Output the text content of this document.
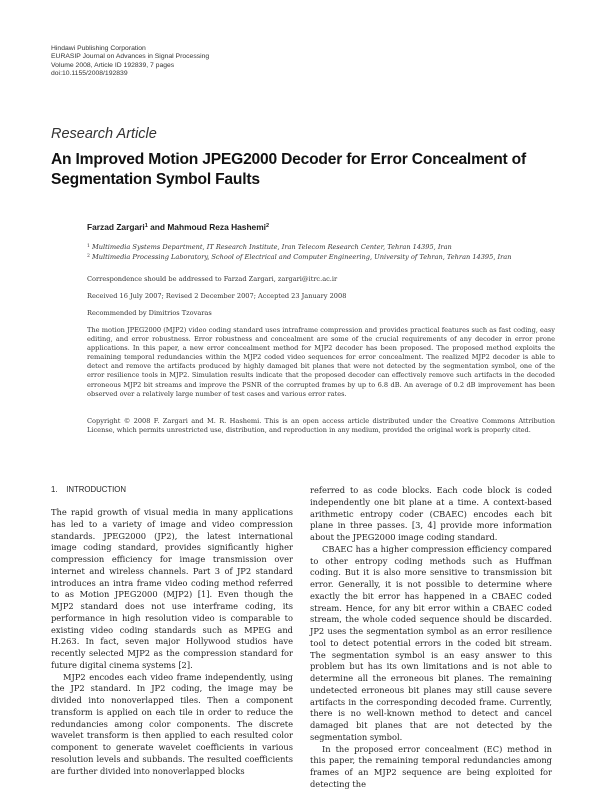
Hindawi Publishing Corporation
EURASIP Journal on Advances in Signal Processing
Volume 2008, Article ID 192839, 7 pages
doi:10.1155/2008/192839
Research Article
An Improved Motion JPEG2000 Decoder for Error Concealment of Segmentation Symbol Faults
Farzad Zargari$^1$ and Mahmoud Reza Hashemi$^2$
$^1$ Multimedia Systems Department, IT Research Institute, Iran Telecom Research Center, Tehran 14395, Iran
$^2$ Multimedia Processing Laboratory, School of Electrical and Computer Engineering, University of Tehran, Tehran 14395, Iran
Correspondence should be addressed to Farzad Zargari, zargari@itrc.ac.ir
Received 16 July 2007; Revised 2 December 2007; Accepted 23 January 2008
Recommended by Dimitrios Tzovaras
The motion JPEG2000 (MJP2) video coding standard uses intraframe compression and provides practical features such as fast coding, easy editing, and error robustness. Error robustness and concealment are some of the crucial requirements of any decoder in error prone applications. In this paper, a new error concealment method for MJP2 decoder has been proposed. The proposed method exploits the remaining temporal redundancies within the MJP2 coded video sequences for error concealment. The realized MJP2 decoder is able to detect and remove the artifacts produced by highly damaged bit planes that were not detected by the segmentation symbol, one of the error resilience tools in MJP2. Simulation results indicate that the proposed decoder can effectively remove such artifacts in the decoded erroneous MJP2 bit streams and improve the PSNR of the corrupted frames by up to 6.8 dB. An average of 0.2 dB improvement has been observed over a relatively large number of test cases and various error rates.
Copyright © 2008 F. Zargari and M. R. Hashemi. This is an open access article distributed under the Creative Commons Attribution License, which permits unrestricted use, distribution, and reproduction in any medium, provided the original work is properly cited.
1. INTRODUCTION

The rapid growth of visual media in many applications has led to a variety of image and video compression standards. JPEG2000 (JP2), the latest international image coding standard, provides significantly higher compression efficiency for image transmission over internet and wireless channels. Part 3 of JP2 standard introduces an intra frame video coding method referred to as Motion JPEG2000 (MJP2) [1]. Even though the MJP2 standard does not use interframe coding, its performance in high resolution video is comparable to existing video coding standards such as MPEG and H.263. In fact, seven major Hollywood studios have recently selected MJP2 as the compression standard for future digital cinema systems [2].

MJP2 encodes each video frame independently, using the JP2 standard. In JP2 coding, the image may be divided into nonoverlapped tiles. Then a component transform is applied on each tile in order to reduce the redundancies among color components. The discrete wavelet transform is then applied to each resulted color component to generate wavelet coefficients in various resolution levels and subbands. The resulted coefficients are further divided into nonoverlapped blocks

referred to as code blocks. Each code block is coded independently one bit plane at a time. A context-based arithmetic entropy coder (CBAEC) encodes each bit plane in three passes. [3, 4] provide more information about the JPEG2000 image coding standard.

CBAEC has a higher compression efficiency compared to other entropy coding methods such as Huffman coding. But it is also more sensitive to transmission bit error. Generally, it is not possible to determine where exactly the bit error has happened in a CBAEC coded stream. Hence, for any bit error within a CBAEC coded stream, the whole coded sequence should be discarded. JP2 uses the segmentation symbol as an error resilience tool to detect potential errors in the coded bit stream. The segmentation symbol is an easy answer to this problem but has its own limitations and is not able to determine all the erroneous bit planes. The remaining undetected erroneous bit planes may still cause severe artifacts in the corresponding decoded frame. Currently, there is no well-known method to detect and cancel damaged bit planes that are not detected by the segmentation symbol.

In the proposed error concealment (EC) method in this paper, the remaining temporal redundancies among frames of an MJP2 sequence are being exploited for detecting the
